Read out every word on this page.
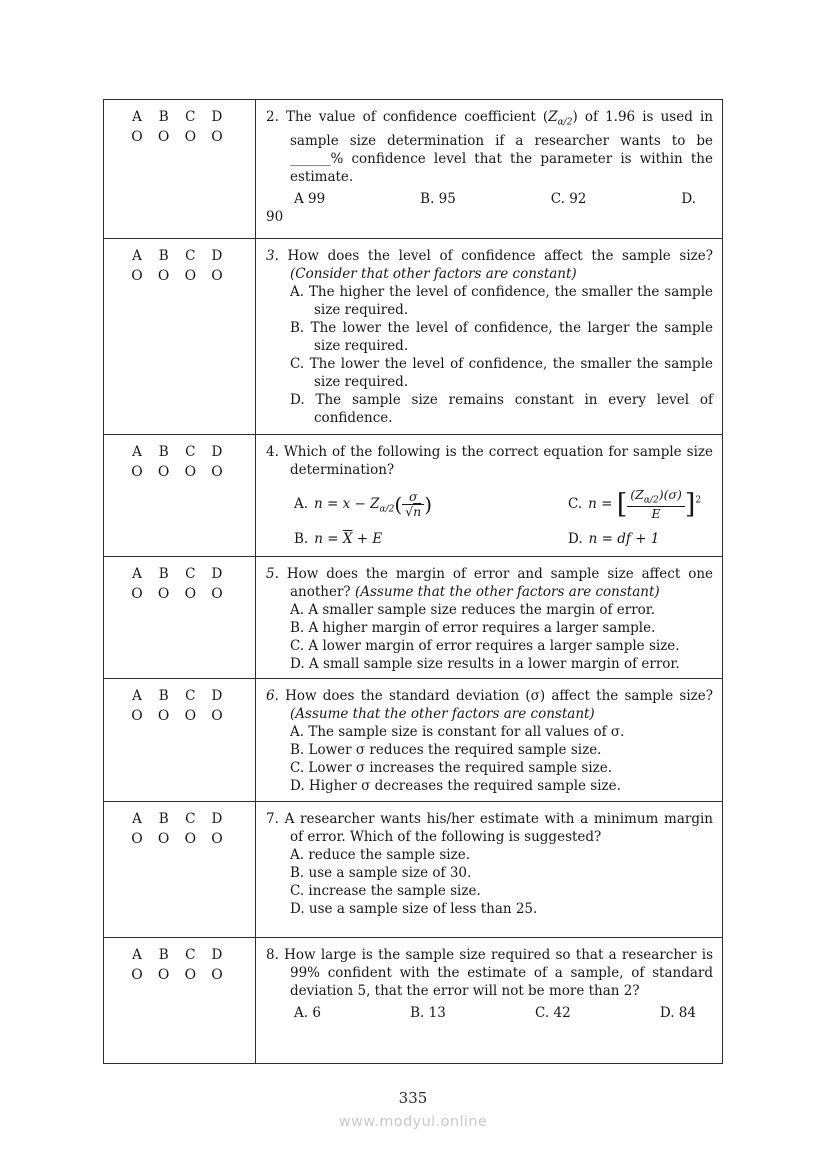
A B C D
O O O O

2. The value of confidence coefficient $(Z_{\alpha/2})$ of 1.96 is used in sample size determination if a researcher wants to be ______% confidence level that the parameter is within the estimate.
A 99	B. 95	C. 92	D.
90

A B C D
O O O O

3. How does the level of confidence affect the sample size? (Consider that other factors are constant)
A. The higher the level of confidence, the smaller the sample size required.
B. The lower the level of confidence, the larger the sample size required.
C. The lower the level of confidence, the smaller the sample size required.
D. The sample size remains constant in every level of confidence.

A B C D
O O O O

4. Which of the following is the correct equation for sample size determination?
A. $n = x - Z_{\alpha/2}( \frac{\sigma}{√n}$ )	C. n = [ $\frac{(Z_{\alpha/2})(\sigma)}{E} ]^2$
B. $n = \overline{X} + E$	D. n = df + 1

A B C D
O O O O

5. How does the margin of error and sample size affect one another? (Assume that the other factors are constant)
A. A smaller sample size reduces the margin of error.
B. A higher margin of error requires a larger sample.
C. A lower margin of error requires a larger sample size.
D. A small sample size results in a lower margin of error.

A B C D
O O O O

6. How does the standard deviation (σ) affect the sample size? (Assume that the other factors are constant)
A. The sample size is constant for all values of σ.
B. Lower σ reduces the required sample size.
C. Lower σ increases the required sample size.
D. Higher σ decreases the required sample size.

A B C D
O O O O

7. A researcher wants his/her estimate with a minimum margin of error. Which of the following is suggested?
A. reduce the sample size.
B. use a sample size of 30.
C. increase the sample size.
D. use a sample size of less than 25.

A B C D
O O O O

8. How large is the sample size required so that a researcher is 99% confident with the estimate of a sample, of standard deviation 5, that the error will not be more than 2?
A. 6	B. 13	C. 42	D. 84
335
www.modyul.online
